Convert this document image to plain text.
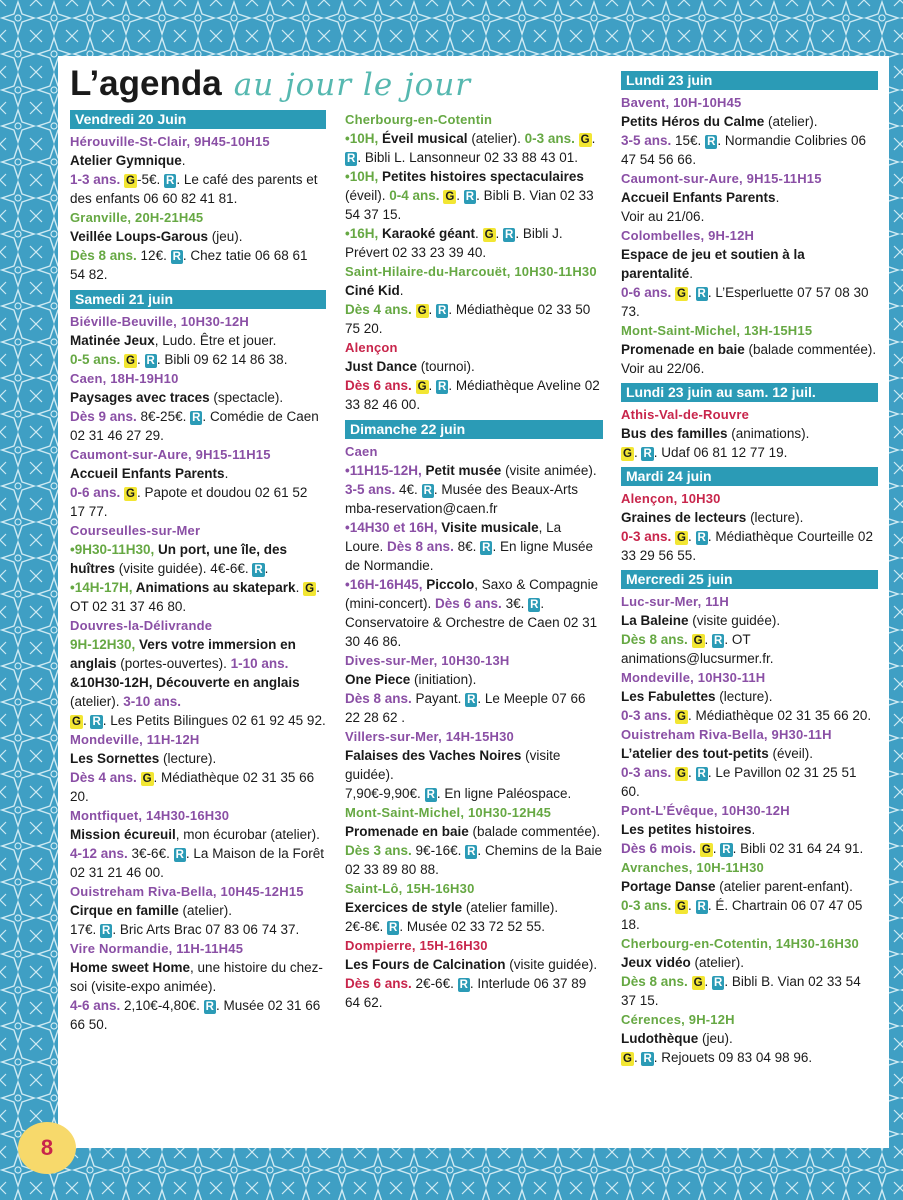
L’agenda au jour le jour
Vendredi 20 Juin
Hérouville-St-Clair, 9H45-10H15
Atelier Gymnique.
1-3 ans. G -5€. R . Le café des parents et des enfants 06 60 82 41 81.
Granville, 20H-21H45
Veillée Loups-Garous (jeu).
Dès 8 ans. 12€. R . Chez tatie 06 68 61 54 82.
Samedi 21 juin
Biéville-Beuville, 10H30-12H
Matinée Jeux, Ludo. Être et jouer.
0-5 ans. G . R . Bibli 09 62 14 86 38.
Caen, 18H-19H10
Paysages avec traces (spectacle).
Dès 9 ans. 8€-25€. R . Comédie de Caen 02 31 46 27 29.
Caumont-sur-Aure, 9H15-11H15
Accueil Enfants Parents.
0-6 ans. G . Papote et doudou 02 61 52 17 77.
Courseulles-sur-Mer
•9H30-11H30, Un port, une île, des huîtres (visite guidée). 4€-6€. R .
•14H-17H, Animations au skatepark. G .
OT 02 31 37 46 80.
Douvres-la-Délivrande
9H-12H30, Vers votre immersion en anglais (portes-ouvertes). 1-10 ans.
&10H30-12H, Découverte en anglais (atelier). 3-10 ans.
G . R . Les Petits Bilingues 02 61 92 45 92.
Mondeville, 11H-12H
Les Sornettes (lecture).
Dès 4 ans. G . Médiathèque 02 31 35 66 20.
Montfiquet, 14H30-16H30
Mission écureuil, mon écurobar (atelier).
4-12 ans. 3€-6€. R . La Maison de la Forêt 02 31 21 46 00.
Ouistreham Riva-Bella, 10H45-12H15
Cirque en famille (atelier).
17€. R . Bric Arts Brac 07 83 06 74 37.
Vire Normandie, 11H-11H45
Home sweet Home, une histoire du chez-soi (visite-expo animée).
4-6 ans. 2,10€-4,80€. R . Musée 02 31 66 66 50.
Cherbourg-en-Cotentin
•10H, Éveil musical (atelier). 0-3 ans. G . R . Bibli L. Lansonneur 02 33 88 43 01.
•10H, Petites histoires spectaculaires (éveil). 0-4 ans. G . R . Bibli B. Vian 02 33 54 37 15.
•16H, Karaoké géant. G . R . Bibli J. Prévert 02 33 23 39 40.
Saint-Hilaire-du-Harcouët, 10H30-11H30
Ciné Kid.
Dès 4 ans. G . R . Médiathèque 02 33 50 75 20.
Alençon
Just Dance (tournoi).
Dès 6 ans. G . R . Médiathèque Aveline 02 33 82 46 00.
Dimanche 22 juin
Caen
•11H15-12H, Petit musée (visite animée). 3-5 ans. 4€. R . Musée des Beaux-Arts mba-reservation@caen.fr
•14H30 et 16H, Visite musicale, La Loure. Dès 8 ans. 8€. R . En ligne Musée de Normandie.
•16H-16H45, Piccolo, Saxo & Compagnie (mini-concert). Dès 6 ans. 3€. R . Conservatoire & Orchestre de Caen 02 31 30 46 86.
Dives-sur-Mer, 10H30-13H
One Piece (initiation).
Dès 8 ans. Payant. R . Le Meeple 07 66 22 28 62 .
Villers-sur-Mer, 14H-15H30
Falaises des Vaches Noires (visite guidée).
7,90€-9,90€. R . En ligne Paléospace.
Mont-Saint-Michel, 10H30-12H45
Promenade en baie (balade commentée).
Dès 3 ans. 9€-16€. R . Chemins de la Baie 02 33 89 80 88.
Saint-Lô, 15H-16H30
Exercices de style (atelier famille).
2€-8€. R . Musée 02 33 72 52 55.
Dompierre, 15H-16H30
Les Fours de Calcination (visite guidée).
Dès 6 ans. 2€-6€. R . Interlude 06 37 89 64 62.
Lundi 23 juin
Bavent, 10H-10H45
Petits Héros du Calme (atelier).
3-5 ans. 15€. R . Normandie Colibries 06 47 54 56 66.
Caumont-sur-Aure, 9H15-11H15
Accueil Enfants Parents.
Voir au 21/06.
Colombelles, 9H-12H
Espace de jeu et soutien à la parentalité.
0-6 ans. G . R . L’Esperluette 07 57 08 30 73.
Mont-Saint-Michel, 13H-15H15
Promenade en baie (balade commentée). Voir au 22/06.
Lundi 23 juin au sam. 12 juil.
Athis-Val-de-Rouvre
Bus des familles (animations).
G . R . Udaf 06 81 12 77 19.
Mardi 24 juin
Alençon, 10H30
Graines de lecteurs (lecture).
0-3 ans. G . R . Médiathèque Courteille 02 33 29 56 55.
Mercredi 25 juin
Luc-sur-Mer, 11H
La Baleine (visite guidée).
Dès 8 ans. G . R . OT animations@lucsurmer.fr.
Mondeville, 10H30-11H
Les Fabulettes (lecture).
0-3 ans. G . Médiathèque 02 31 35 66 20.
Ouistreham Riva-Bella, 9H30-11H
L’atelier des tout-petits (éveil).
0-3 ans. G . R . Le Pavillon 02 31 25 51 60.
Pont-L’Évêque, 10H30-12H
Les petites histoires.
Dès 6 mois. G . R . Bibli 02 31 64 24 91.
Avranches, 10H-11H30
Portage Danse (atelier parent-enfant).
0-3 ans. G . R . É. Chartrain 06 07 47 05 18.
Cherbourg-en-Cotentin, 14H30-16H30
Jeux vidéo (atelier).
Dès 8 ans. G . R . Bibli B. Vian 02 33 54 37 15.
Cérences, 9H-12H
Ludothèque (jeu).
G . R . Rejouets 09 83 04 98 96.
8
